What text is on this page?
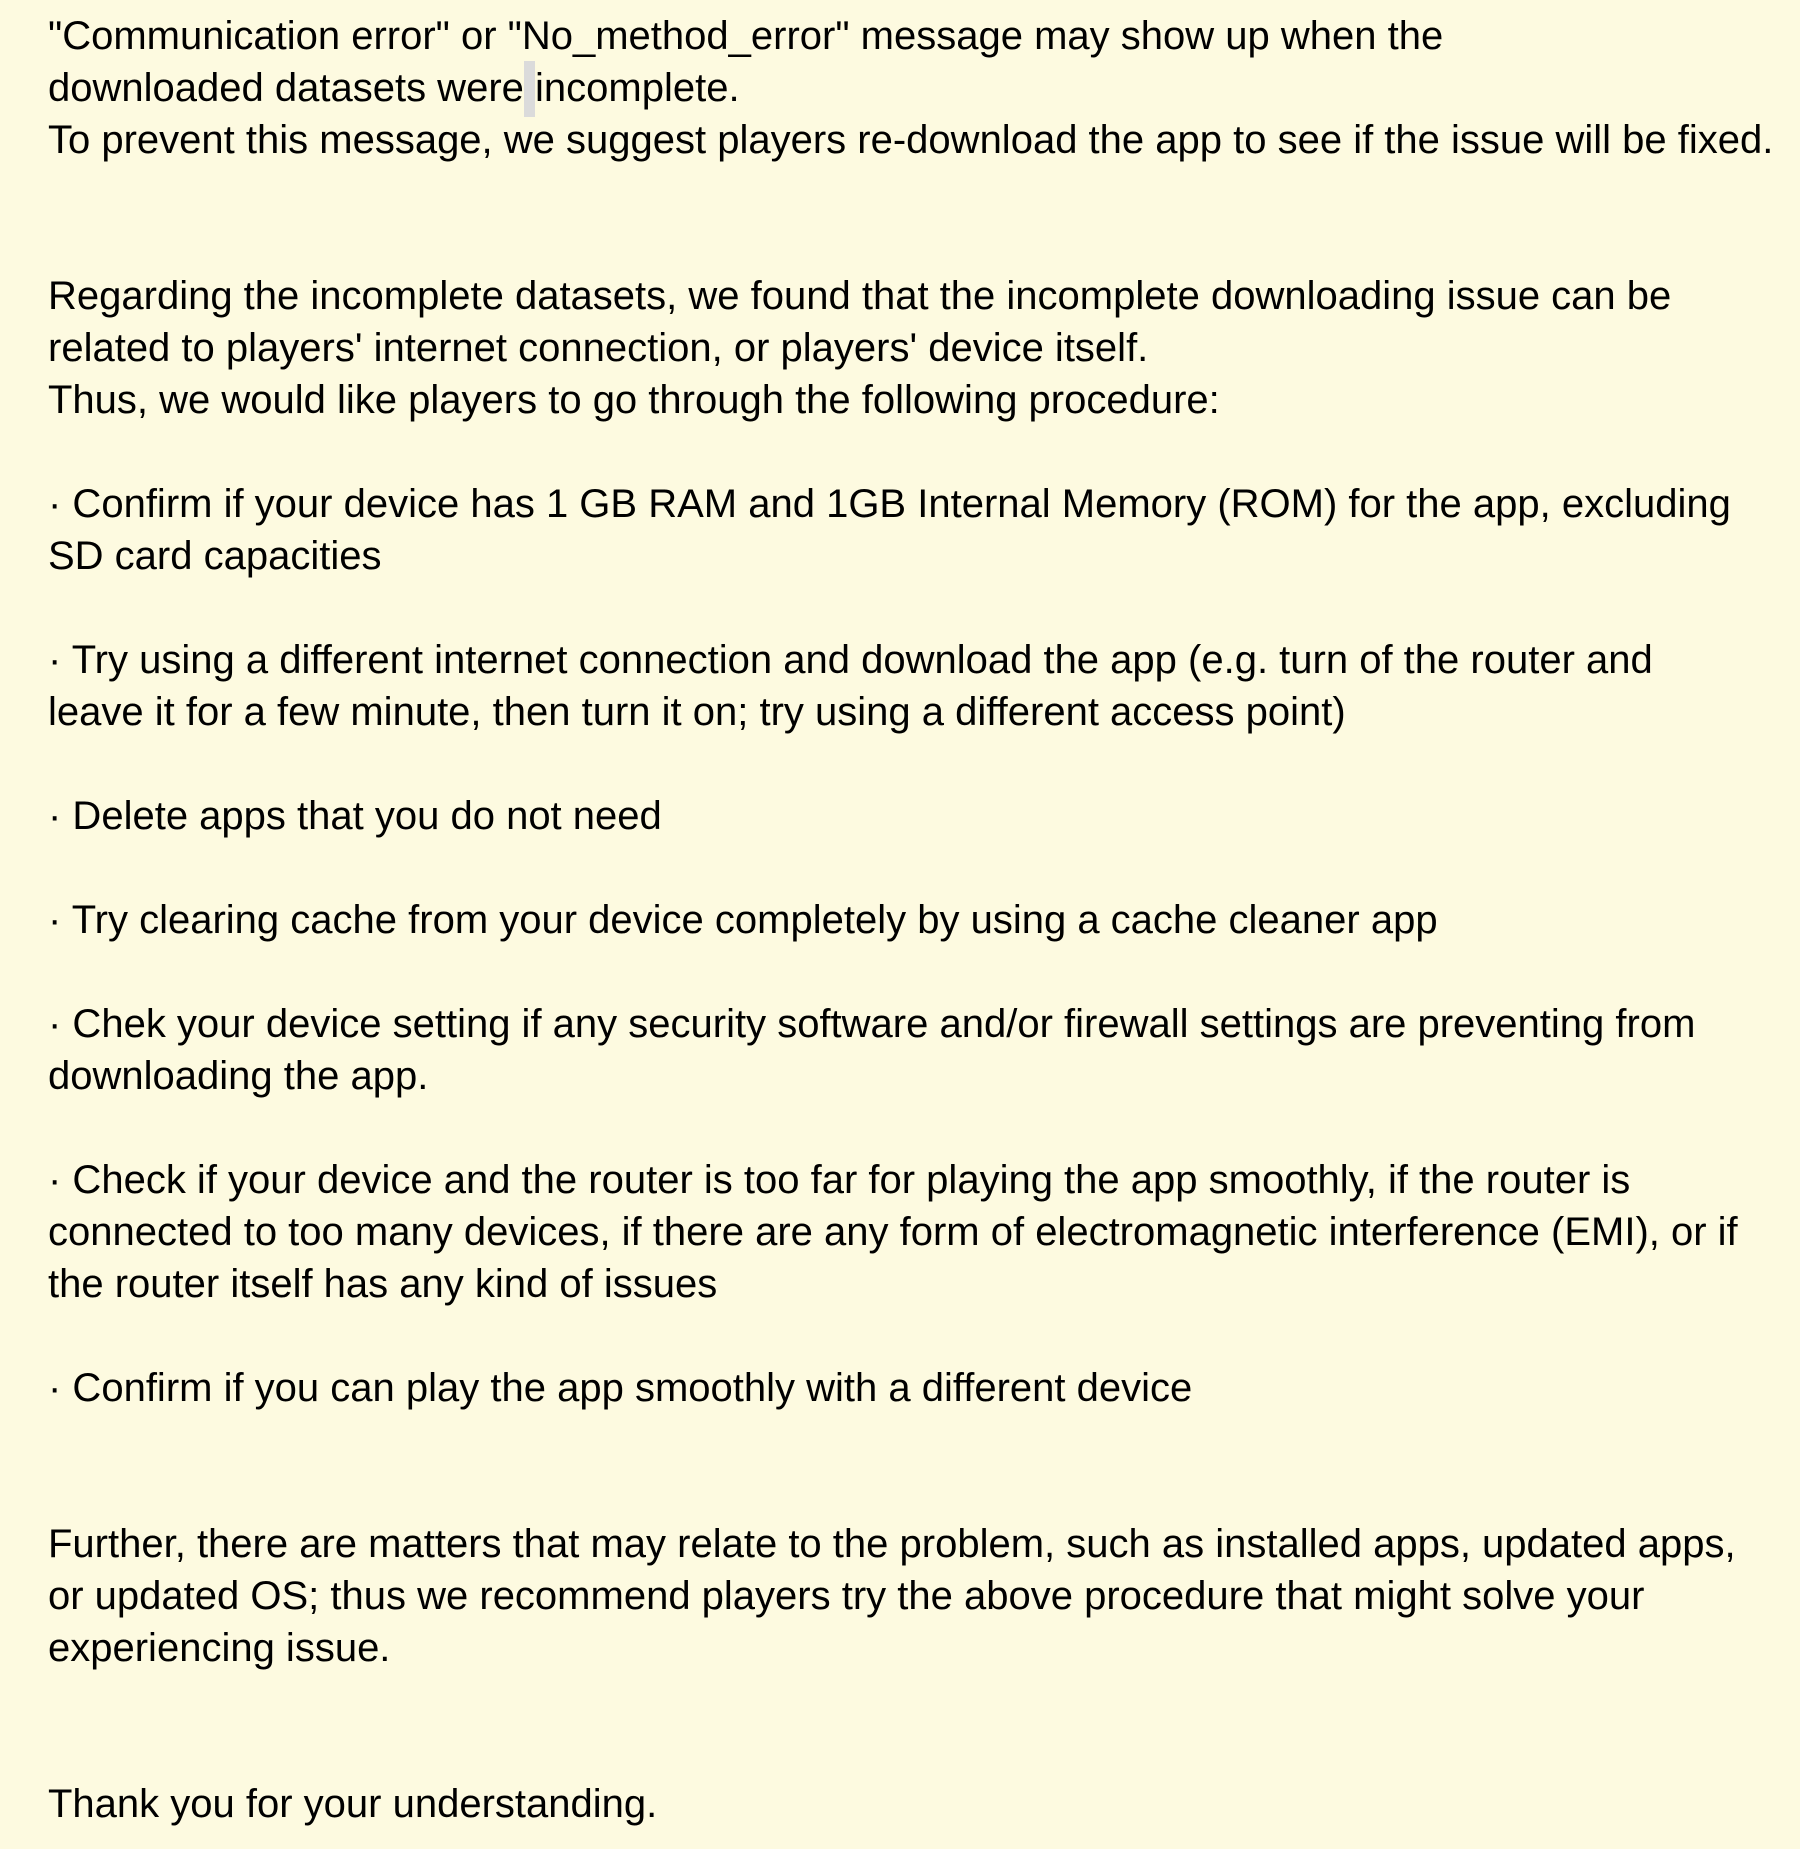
"Communication error" or "No_method_error" message may show up when the
downloaded datasets were incomplete.
To prevent this message, we suggest players re-download the app to see if the issue will be fixed.
Regarding the incomplete datasets, we found that the incomplete downloading issue can be
related to players' internet connection, or players' device itself.
Thus, we would like players to go through the following procedure:
· Confirm if your device has 1 GB RAM and 1GB Internal Memory (ROM) for the app, excluding
SD card capacities
· Try using a different internet connection and download the app (e.g. turn of the router and
leave it for a few minute, then turn it on; try using a different access point)
· Delete apps that you do not need
· Try clearing cache from your device completely by using a cache cleaner app
· Chek your device setting if any security software and/or firewall settings are preventing from
downloading the app.
· Check if your device and the router is too far for playing the app smoothly, if the router is
connected to too many devices, if there are any form of electromagnetic interference (EMI), or if
the router itself has any kind of issues
· Confirm if you can play the app smoothly with a different device
Further, there are matters that may relate to the problem, such as installed apps, updated apps,
or updated OS; thus we recommend players try the above procedure that might solve your
experiencing issue.
Thank you for your understanding.
